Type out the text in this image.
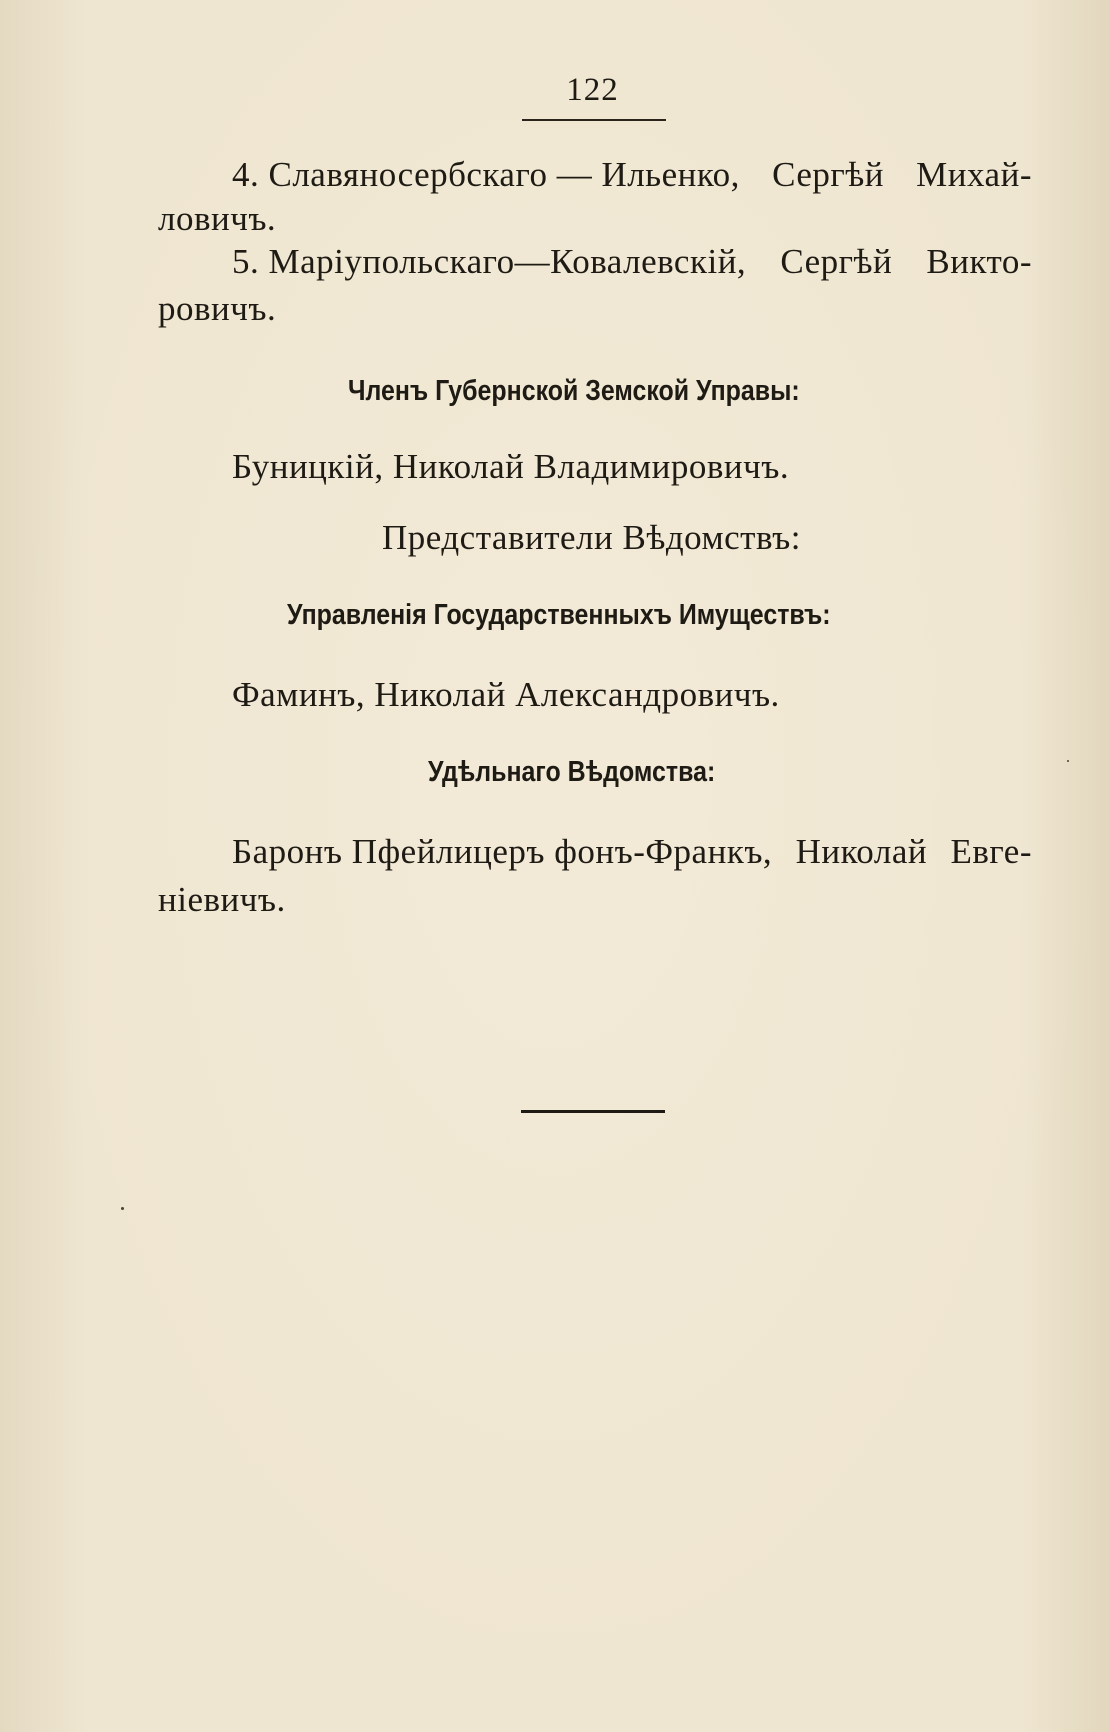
122
4. Славяносербскаго — Ильенко, Сергѣй Михай-
ловичъ.
5. Маріупольскаго—Ковалевскій, Сергѣй Викто-
ровичъ.
Членъ Губернской Земской Управы:
Буницкій, Николай Владимировичъ.
Представители Вѣдомствъ:
Управленія Государственныхъ Имуществъ:
Фаминъ, Николай Александровичъ.
Удѣльнаго Вѣдомства:
Баронъ Пфейлицеръ фонъ-Франкъ, Николай Евге-
ніевичъ.
